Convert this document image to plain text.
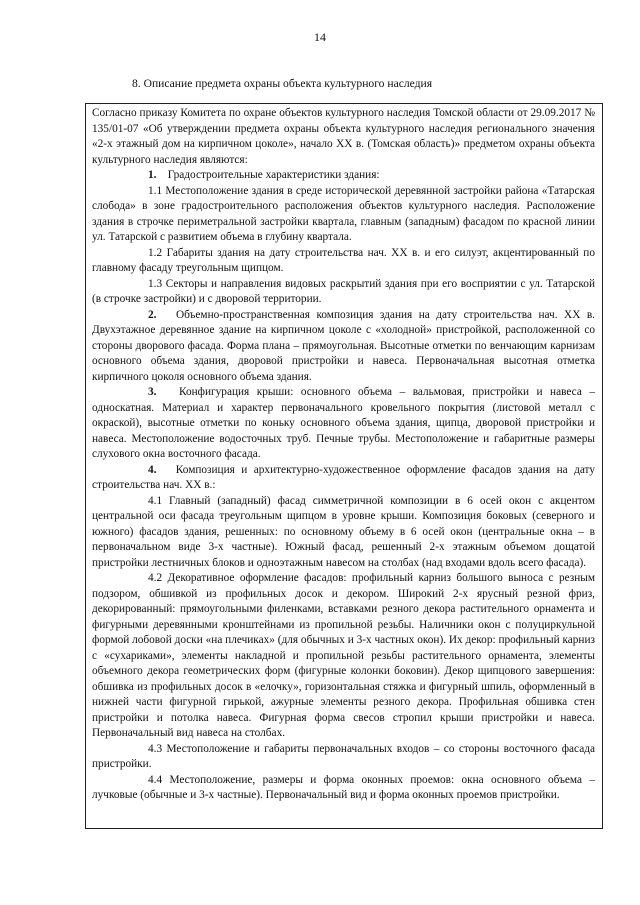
14
8. Описание предмета охраны объекта культурного наследия

Согласно приказу Комитета по охране объектов культурного наследия Томской области от 29.09.2017 № 135/01-07 «Об утверждении предмета охраны объекта культурного наследия регионального значения «2-х этажный дом на кирпичном цоколе», начало XX в. (Томская область)» предметом охраны объекта культурного наследия являются:

1. Градостроительные характеристики здания:

1.1 Местоположение здания в среде исторической деревянной застройки района «Татарская слобода» в зоне градостроительного расположения объектов культурного наследия. Расположение здания в строчке периметральной застройки квартала, главным (западным) фасадом по красной линии ул. Татарской с развитием объема в глубину квартала.

1.2 Габариты здания на дату строительства нач. XX в. и его силуэт, акцентированный по главному фасаду треугольным щипцом.

1.3 Секторы и направления видовых раскрытий здания при его восприятии с ул. Татарской (в строчке застройки) и с дворовой территории.

2. Объемно-пространственная композиция здания на дату строительства нач. XX в. Двухэтажное деревянное здание на кирпичном цоколе с «холодной» пристройкой, расположенной со стороны дворового фасада. Форма плана – прямоугольная. Высотные отметки по венчающим карнизам основного объема здания, дворовой пристройки и навеса. Первоначальная высотная отметка кирпичного цоколя основного объема здания.

3. Конфигурация крыши: основного объема – вальмовая, пристройки и навеса – односкатная. Материал и характер первоначального кровельного покрытия (листовой металл с окраской), высотные отметки по коньку основного объема здания, щипца, дворовой пристройки и навеса. Местоположение водосточных труб. Печные трубы. Местоположение и габаритные размеры слухового окна восточного фасада.

4. Композиция и архитектурно-художественное оформление фасадов здания на дату строительства нач. XX в.:

4.1 Главный (западный) фасад симметричной композиции в 6 осей окон с акцентом центральной оси фасада треугольным щипцом в уровне крыши. Композиция боковых (северного и южного) фасадов здания, решенных: по основному объему в 6 осей окон (центральные окна – в первоначальном виде 3-х частные). Южный фасад, решенный 2-х этажным объемом дощатой пристройки лестничных блоков и одноэтажным навесом на столбах (над входами вдоль всего фасада).

4.2 Декоративное оформление фасадов: профильный карниз большого выноса с резным подзором, обшивкой из профильных досок и декором. Широкий 2-х ярусный резной фриз, декорированный: прямоугольными филенками, вставками резного декора растительного орнамента и фигурными деревянными кронштейнами из пропильной резьбы. Наличники окон с полуциркульной формой лобовой доски «на плечиках» (для обычных и 3-х частных окон). Их декор: профильный карниз с «сухариками», элементы накладной и пропильной резьбы растительного орнамента, элементы объемного декора геометрических форм (фигурные колонки боковин). Декор щипцового завершения: обшивка из профильных досок в «елочку», горизонтальная стяжка и фигурный шпиль, оформленный в нижней части фигурной гирькой, ажурные элементы резного декора. Профильная обшивка стен пристройки и потолка навеса. Фигурная форма свесов стропил крыши пристройки и навеса. Первоначальный вид навеса на столбах.

4.3 Местоположение и габариты первоначальных входов – со стороны восточного фасада пристройки.

4.4 Местоположение, размеры и форма оконных проемов: окна основного объема – лучковые (обычные и 3-х частные). Первоначальный вид и форма оконных проемов пристройки.
